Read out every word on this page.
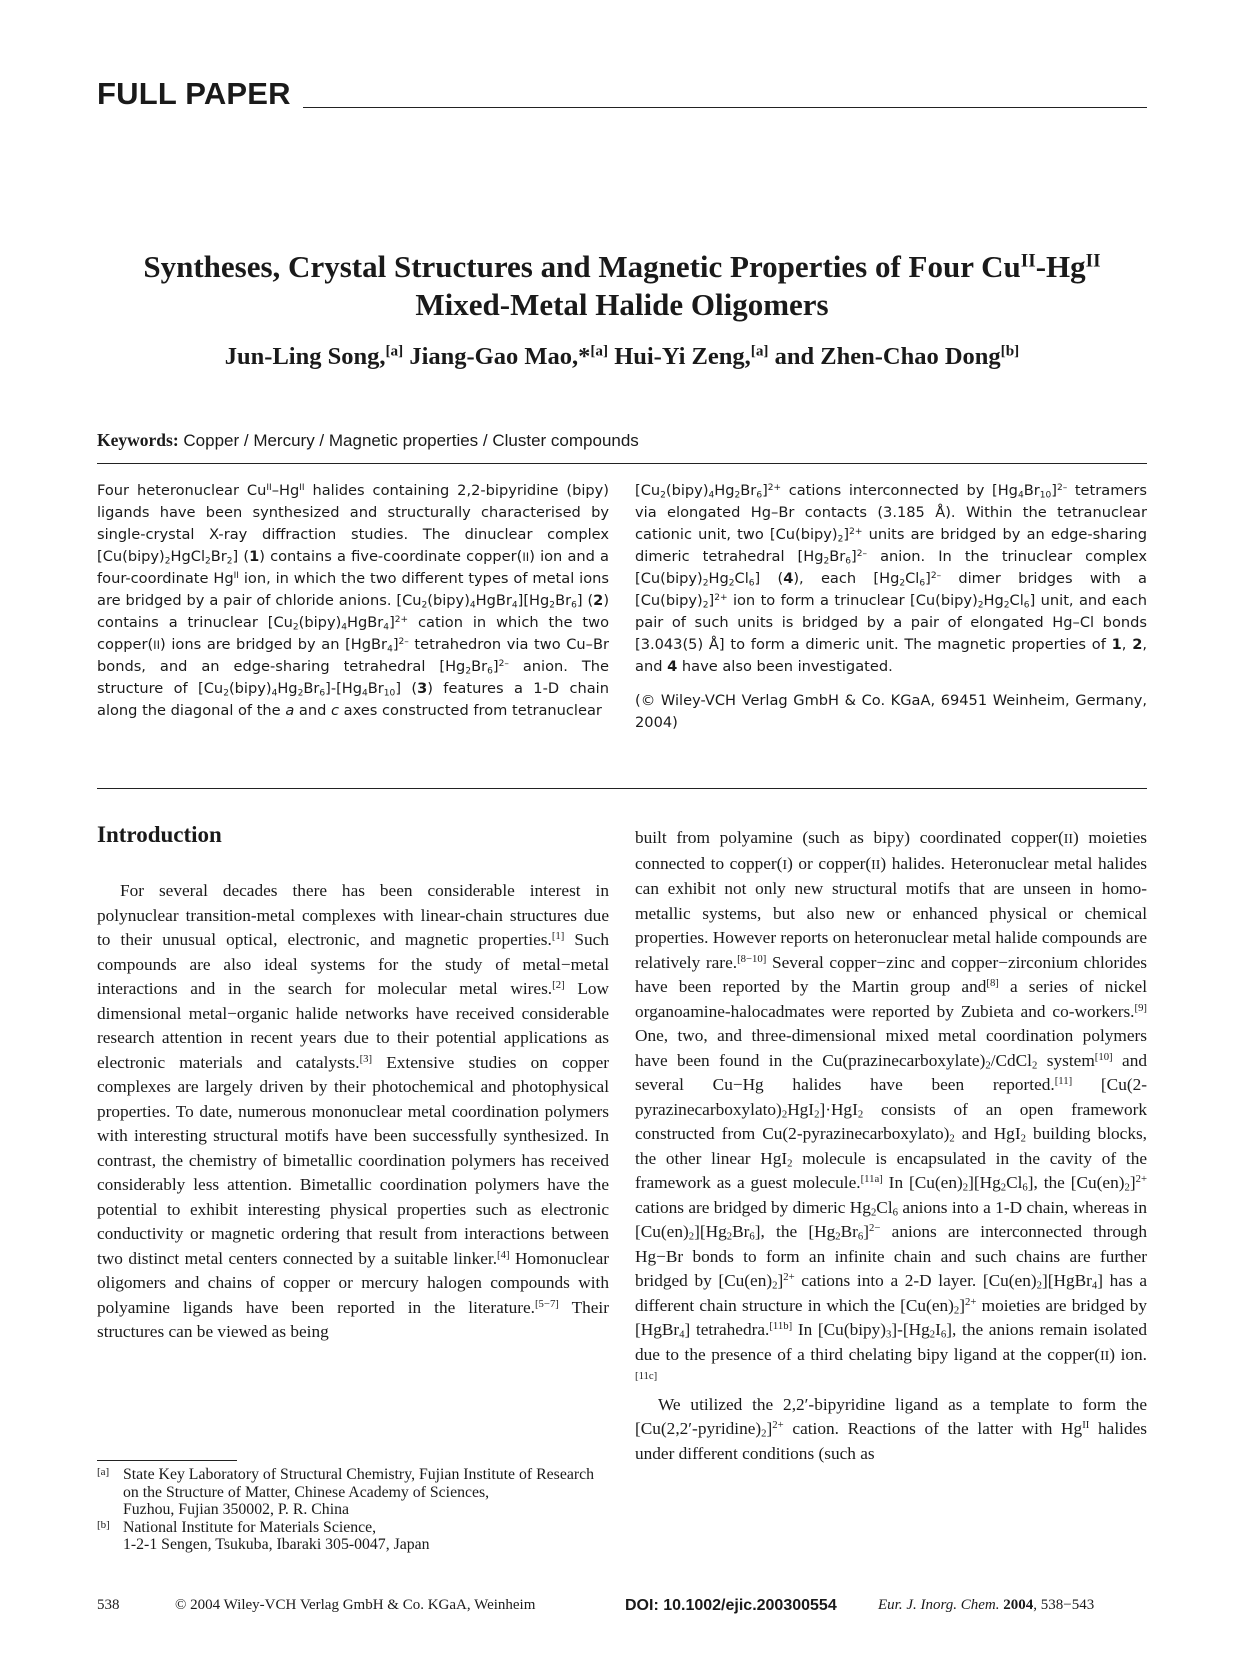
FULL PAPER
Syntheses, Crystal Structures and Magnetic Properties of Four $Cu^{II}-Hg^{II}$
Mixed-Metal Halide Oligomers
Jun-Ling Song,[a] Jiang-Gao Mao,*[a] Hui-Yi Zeng,[a] and Zhen-Chao Dong[b]
Keywords: Copper / Mercury / Magnetic properties / Cluster compounds

Four heteronuclear $Cu^{II}-Hg^{II}$ halides containing 2,2-bipyridine (bipy) ligands have been synthesized and structurally characterised by single-crystal X-ray diffraction studies. The dinuclear complex $[Cu(bipy)_2HgCl_2Br_2]$ (1) contains a five-coordinate copper(II) ion and a four-coordinate $Hg^{II}$ ion, in which the two different types of metal ions are bridged by a pair of chloride anions. $[Cu_2(bipy)_4HgBr_4][Hg_2Br_6]$ (2) contains a trinuclear $[Cu_2(bipy)_4HgBr_4]^{2+}$ cation in which the two copper(II) ions are bridged by an [HgBr$_4$]$^{2-}$ tetrahedron via two Cu–Br bonds, and an edge-sharing tetrahedral $[Hg_2Br_6]^{2-}$ anion. The structure of $[Cu_2(bipy)_4Hg_2Br_6]-[Hg_4Br_{10}]$ (3) features a 1-D chain along the diagonal of the a and c axes constructed from tetranuclear

$[Cu_2(bipy)_4Hg_2Br_6]^{2+}$ cations interconnected by $[Hg_4Br_{10}]^{2-}$ tetramers via elongated Hg–Br contacts (3.185 Å). Within the tetranuclear cationic unit, two $[Cu(bipy)_2]^{2+}$ units are bridged by an edge-sharing dimeric tetrahedral $[Hg_2Br_6]^{2-}$ anion. In the trinuclear complex $[Cu(bipy)_2Hg_2Cl_6]$ (4), each $[Hg_2Cl_6]^{2-}$ dimer bridges with a $[Cu(bipy)_2]^{2+}$ ion to form a trinuclear $[Cu(bipy)_2Hg_2Cl_6]$ unit, and each pair of such units is bridged by a pair of elongated Hg–Cl bonds [3.043(5) Å] to form a dimeric unit. The magnetic properties of 1, 2, and 4 have also been investigated.

(© Wiley-VCH Verlag GmbH & Co. KGaA, 69451 Weinheim, Germany, 2004)

Introduction

For several decades there has been considerable interest in polynuclear transition-metal complexes with linear-chain structures due to their unusual optical, electronic, and magnetic properties.[1] Such compounds are also ideal systems for the study of metal−metal interactions and in the search for molecular metal wires.[2] Low dimensional metal−organic halide networks have received considerable research attention in recent years due to their potential applications as electronic materials and catalysts.[3] Extensive studies on copper complexes are largely driven by their photochemical and photophysical properties. To date, numerous mononuclear metal coordination polymers with interesting structural motifs have been successfully synthesized. In contrast, the chemistry of bimetallic coordination polymers has received considerably less attention. Bimetallic coordination polymers have the potential to exhibit interesting physical properties such as electronic conductivity or magnetic ordering that result from interactions between two distinct metal centers connected by a suitable linker.[4] Homonuclear oligomers and chains of copper or mercury halogen compounds with polyamine ligands have been reported in the literature.[5−7] Their structures can be viewed as being

built from polyamine (such as bipy) coordinated copper(II) moieties connected to copper(I) or copper(II) halides. Heteronuclear metal halides can exhibit not only new structural motifs that are unseen in homo-metallic systems, but also new or enhanced physical or chemical properties. However reports on heteronuclear metal halide compounds are relatively rare.[8−10] Several copper−zinc and copper−zirconium chlorides have been reported by the Martin group and[8] a series of nickel organoamine-halocadmates were reported by Zubieta and co-workers.[9] One, two, and three-dimensional mixed metal coordination polymers have been found in the $Cu(prazinecarboxylate)_2/CdCl_2$ system[10] and several Cu−Hg halides have been reported.[11] $[Cu(2-pyrazinecarboxylato)_2HgI_2]\cdot HgI_2$ consists of an open framework constructed from $Cu(2-pyrazinecarboxylato)_2$ and HgI$_2$ building blocks, the other linear HgI$_2$ molecule is encapsulated in the cavity of the framework as a guest molecule.[11a] In $[Cu(en)_2][Hg_2Cl_6]$, the $[Cu(en)_2]^{2+}$ cations are bridged by dimeric $Hg_2Cl_6$ anions into a 1-D chain, whereas in $[Cu(en)_2][Hg_2Br_6]$, the $[Hg_2Br_6]^{2-}$ anions are interconnected through Hg−Br bonds to form an infinite chain and such chains are further bridged by $[Cu(en)_2]^{2+}$ cations into a 2-D layer. $[Cu(en)_2][HgBr_4]$ has a different chain structure in which the $[Cu(en)_2]^{2+}$ moieties are bridged by [HgBr$_4$] tetrahedra.[11b] In $[Cu(bipy)_3]-[Hg_2I_6]$, the anions remain isolated due to the presence of a third chelating bipy ligand at the copper(II) ion.[11c]

We utilized the 2,2′-bipyridine ligand as a template to form the $[Cu(2,2'-pyridine)_2]^{2+}$ cation. Reactions of the latter with $Hg^{II}$ halides under different conditions (such as

[a] State Key Laboratory of Structural Chemistry, Fujian Institute of Research on the Structure of Matter, Chinese Academy of Sciences,
Fuzhou, Fujian 350002, P. R. China
[b] National Institute for Materials Science,
1-2-1 Sengen, Tsukuba, Ibaraki 305-0047, Japan
538	© 2004 Wiley-VCH Verlag GmbH & Co. KGaA, Weinheim	DOI: 10.1002/ejic.200300554	Eur. J. Inorg. Chem. 2004, 538−543
